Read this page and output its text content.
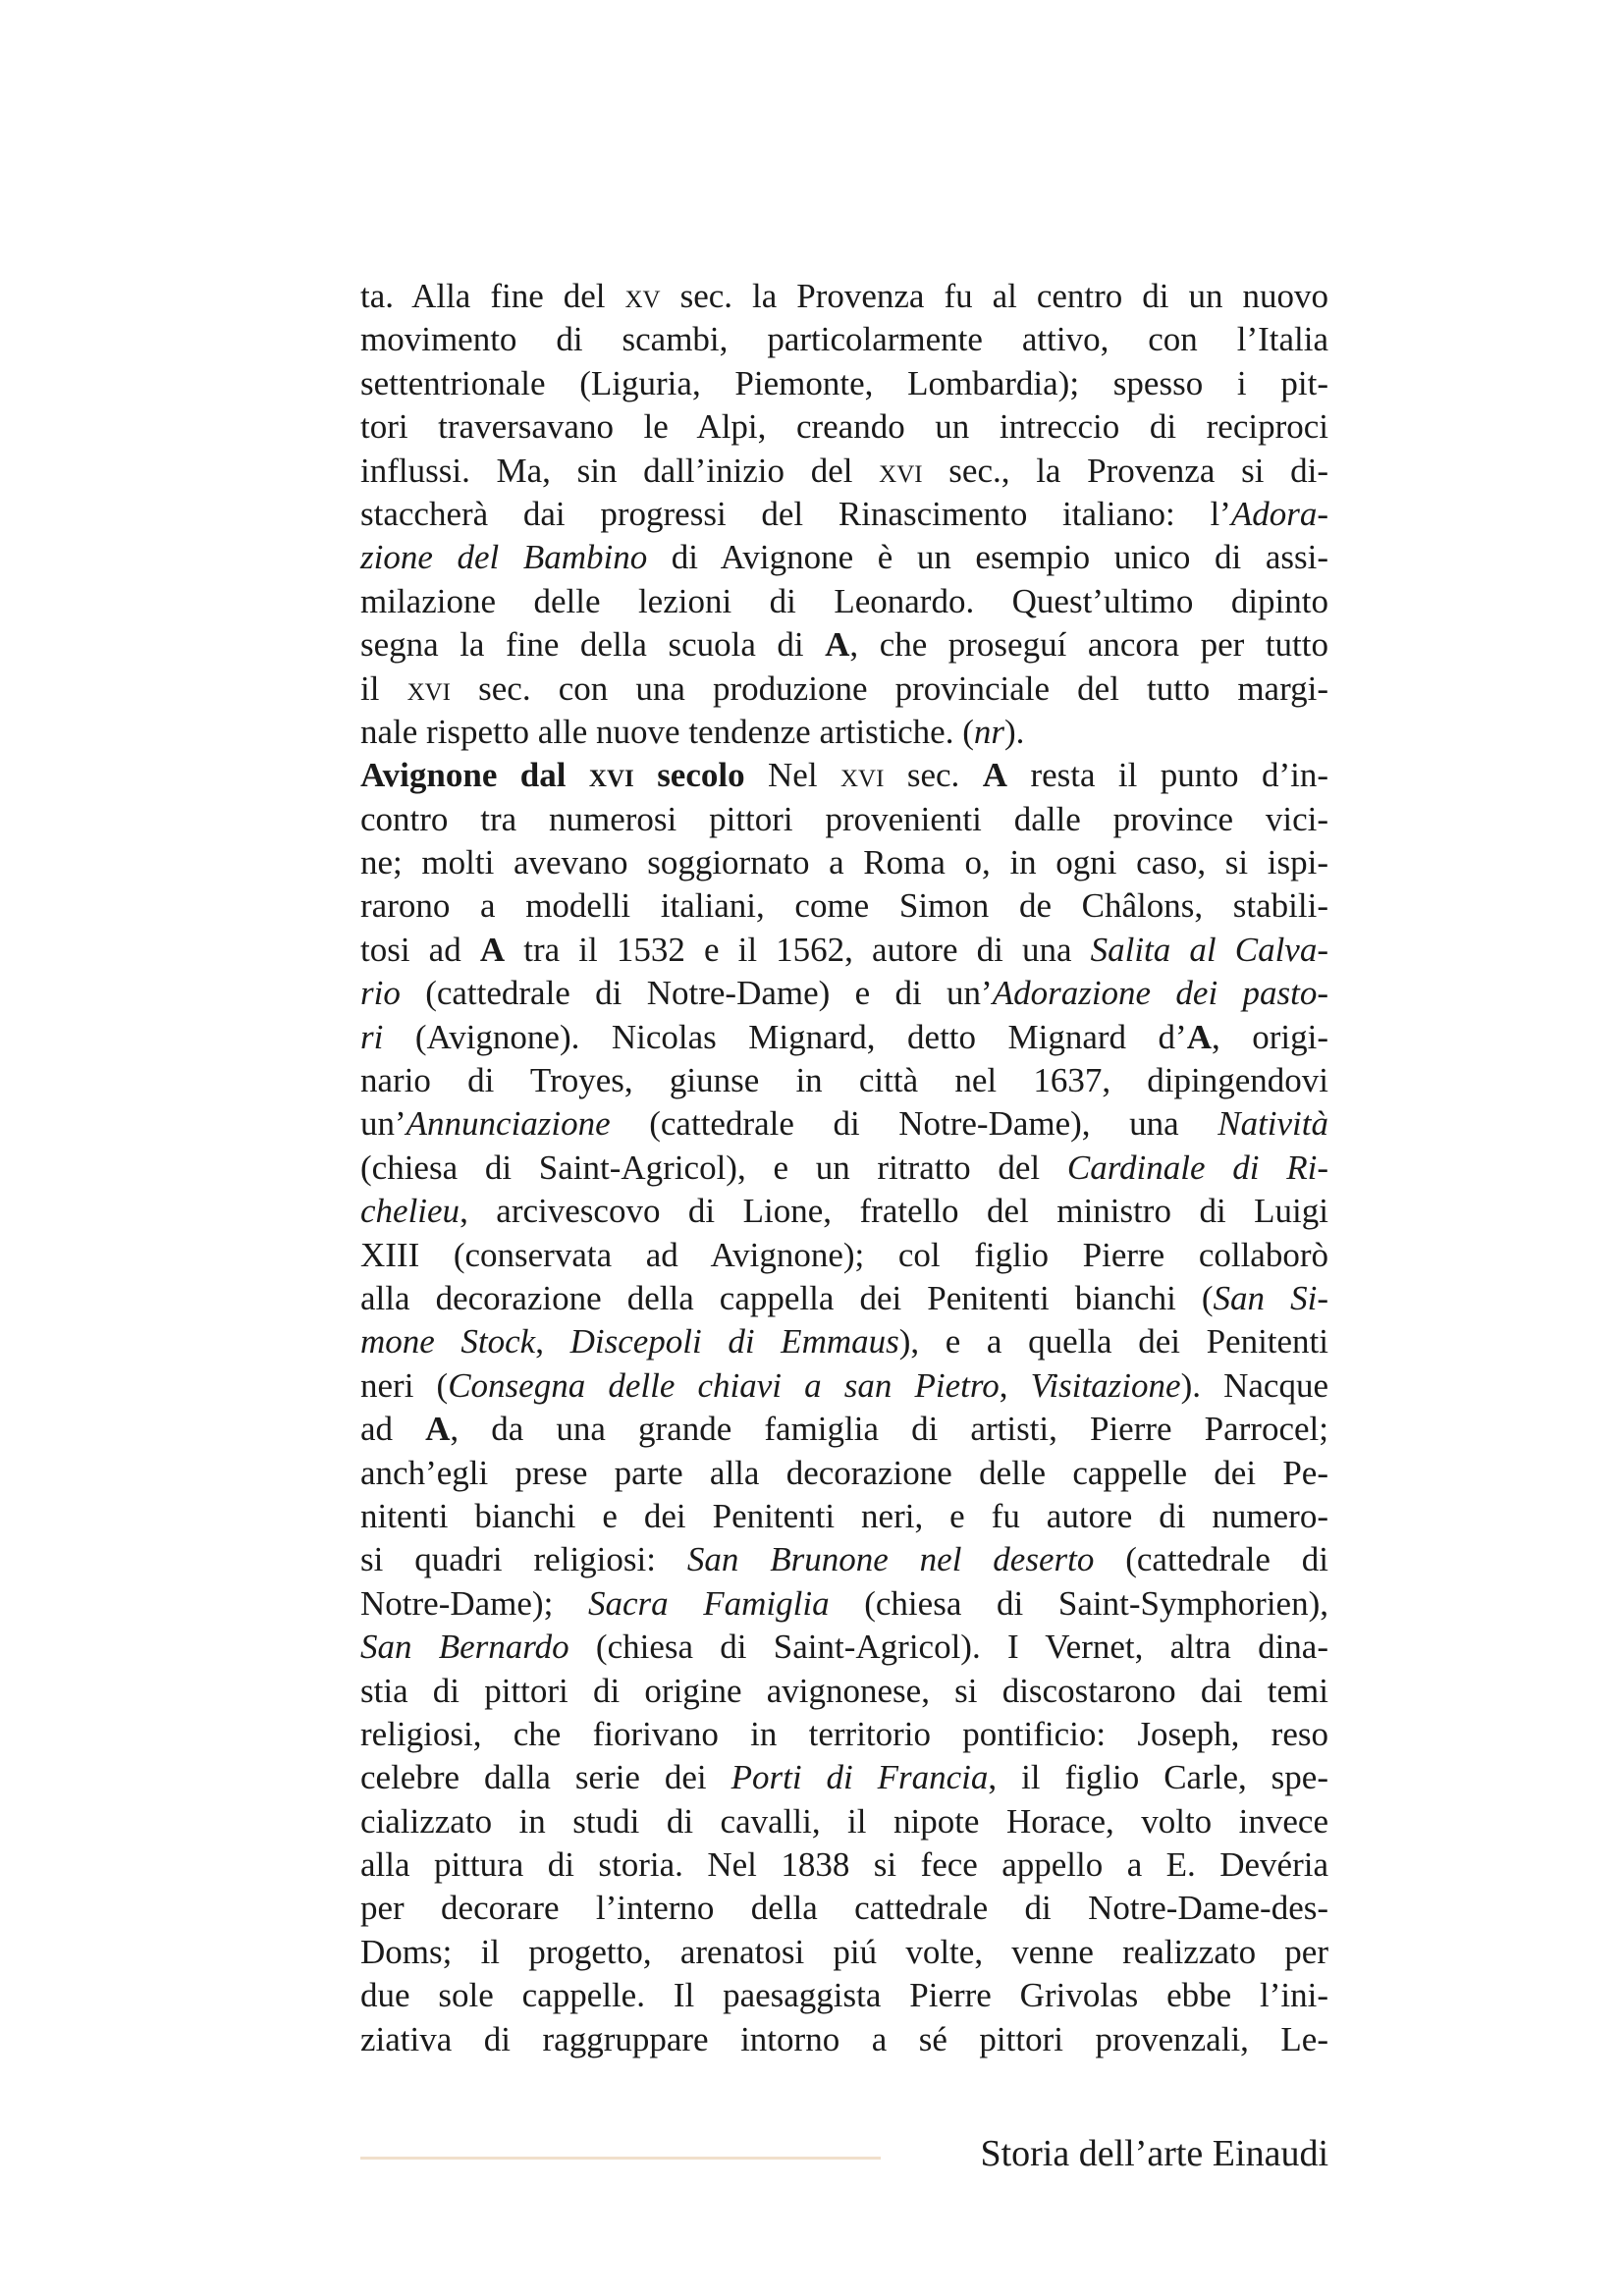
ta. Alla fine del xv sec. la Provenza fu al centro di un nuovo
movimento di scambi, particolarmente attivo, con l’Italia
settentrionale (Liguria, Piemonte, Lombardia); spesso i pit-
tori traversavano le Alpi, creando un intreccio di reciproci
influssi. Ma, sin dall’inizio del xvi sec., la Provenza si di-
staccherà dai progressi del Rinascimento italiano: l’Adora-
zione del Bambino di Avignone è un esempio unico di assi-
milazione delle lezioni di Leonardo. Quest’ultimo dipinto
segna la fine della scuola di A, che proseguí ancora per tutto
il xvi sec. con una produzione provinciale del tutto margi-
nale rispetto alle nuove tendenze artistiche. (nr).
Avignone dal xvi secolo Nel xvi sec. A resta il punto d’in-
contro tra numerosi pittori provenienti dalle province vici-
ne; molti avevano soggiornato a Roma o, in ogni caso, si ispi-
rarono a modelli italiani, come Simon de Châlons, stabili-
tosi ad A tra il 1532 e il 1562, autore di una Salita al Calva-
rio (cattedrale di Notre-Dame) e di un’Adorazione dei pasto-
ri (Avignone). Nicolas Mignard, detto Mignard d’A, origi-
nario di Troyes, giunse in città nel 1637, dipingendovi
un’Annunciazione (cattedrale di Notre-Dame), una Natività
(chiesa di Saint-Agricol), e un ritratto del Cardinale di Ri-
chelieu, arcivescovo di Lione, fratello del ministro di Luigi
XIII (conservata ad Avignone); col figlio Pierre collaborò
alla decorazione della cappella dei Penitenti bianchi (San Si-
mone Stock, Discepoli di Emmaus), e a quella dei Penitenti
neri (Consegna delle chiavi a san Pietro, Visitazione). Nacque
ad A, da una grande famiglia di artisti, Pierre Parrocel;
anch’egli prese parte alla decorazione delle cappelle dei Pe-
nitenti bianchi e dei Penitenti neri, e fu autore di numero-
si quadri religiosi: San Brunone nel deserto (cattedrale di
Notre-Dame); Sacra Famiglia (chiesa di Saint-Symphorien),
San Bernardo (chiesa di Saint-Agricol). I Vernet, altra dina-
stia di pittori di origine avignonese, si discostarono dai temi
religiosi, che fiorivano in territorio pontificio: Joseph, reso
celebre dalla serie dei Porti di Francia, il figlio Carle, spe-
cializzato in studi di cavalli, il nipote Horace, volto invece
alla pittura di storia. Nel 1838 si fece appello a E. Devéria
per decorare l’interno della cattedrale di Notre-Dame-des-
Doms; il progetto, arenatosi piú volte, venne realizzato per
due sole cappelle. Il paesaggista Pierre Grivolas ebbe l’ini-
ziativa di raggruppare intorno a sé pittori provenzali, Le-
Storia dell’arte Einaudi
